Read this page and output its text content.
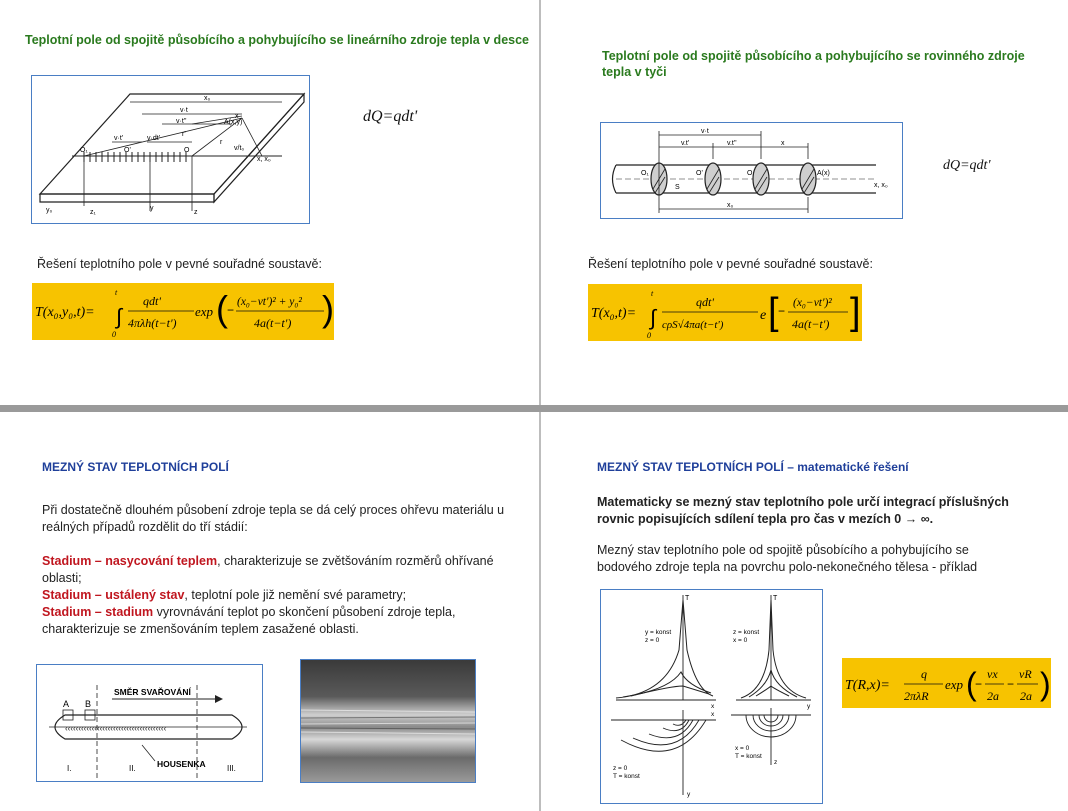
Teplotní pole od spojitě působícího a pohybujícího se lineárního zdroje tepla v desce
x₀
v·t
v·t''
x
A(x,y)
v·t'	v·dt'
r'
r
v/t₀
O₁	O'	O
x, x₀
y₀	z₁
y
z
dQ=qdt'
Řešení teplotního pole v pevné souřadné soustavě:
T(x₀,y₀,t)= ∫
t
0
qdt'
4πλh(t−t')
exp ( −
(x₀−vt')² + y₀²
4a(t−t') )
Teplotní pole od spojitě působícího a pohybujícího se rovinného zdroje
tepla v tyči
v·t
v.t'	v.t''	x
O₁
S
O'	O	A(x)
x, x₀
x₀
dQ=qdt'
Řešení teplotního pole v pevné souřadné soustavě:
T(x₀,t)= ∫
t
0
qdt'
cρS√4πa(t−t')
e [ −
(x₀−vt')²
4a(t−t') ]
MEZNÝ STAV TEPLOTNÍCH POLÍ
Při dostatečně dlouhém působení zdroje tepla se dá celý proces ohřevu materiálu u
reálných případů rozdělit do tří stádií:
Stadium – nasycování teplem, charakterizuje se zvětšováním rozměrů ohřívané
oblasti;
Stadium – ustálený stav, teplotní pole již nemění své parametry;
Stadium – stadium vyrovnávání teplot po skončení působení zdroje tepla,
charakterizuje se zmenšováním teplem zasažené oblasti.
‹‹‹‹‹‹‹‹‹‹‹‹‹‹‹‹‹‹‹‹‹‹‹‹‹‹‹‹‹‹‹‹‹‹‹‹‹‹
A B
SMĚR SVAŘOVÁNÍ
HOUSENKA
I.	II.	III.
MEZNÝ STAV TEPLOTNÍCH POLÍ – matematické řešení
Matematicky se mezný stav teplotního pole určí integrací příslušných
rovnic popisujících sdílení tepla pro čas v mezích 0 → ∞.
Mezný stav teplotního pole od spojitě působícího a pohybujícího se
bodového zdroje tepla na povrchu polo-nekonečného tělesa - příklad
T
y = konst
z = 0
x
T
z = konst
x = 0
y
z = 0
T = konst
x
y
x = 0
T = konst
z
T(R,x)=
q
2πλR
exp (
−
vx
2a
−
vR
2a )
